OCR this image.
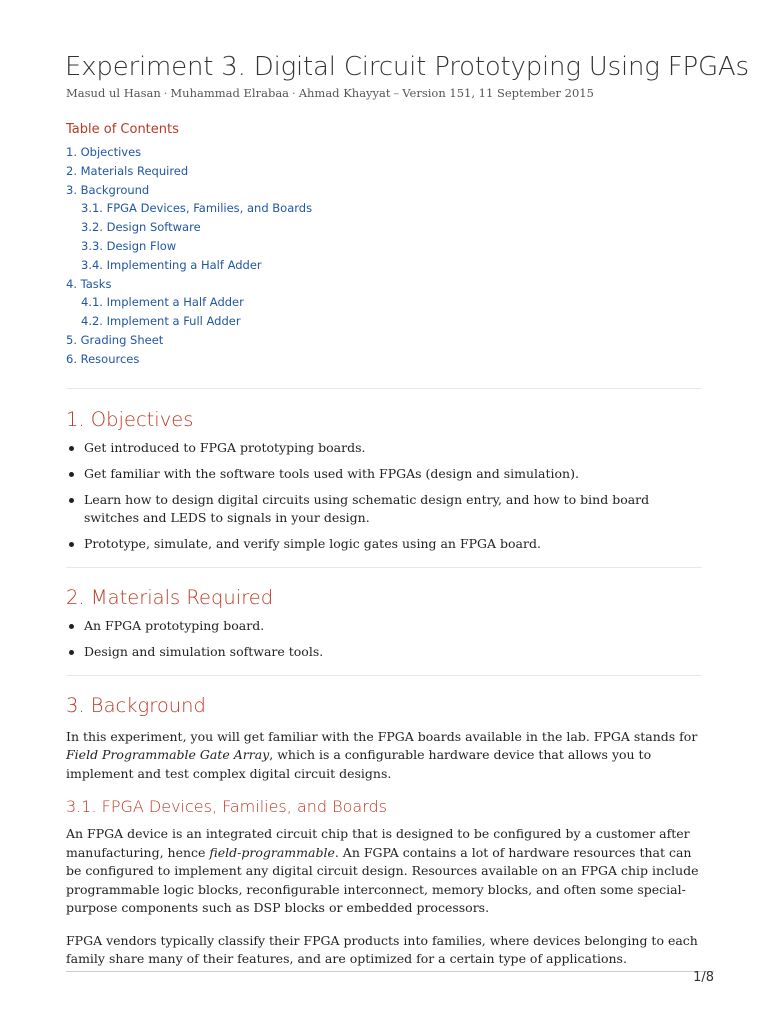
Experiment 3. Digital Circuit Prototyping Using FPGAs
Masud ul Hasan · Muhammad Elrabaa · Ahmad Khayyat – Version 151, 11 September 2015
Table of Contents
1. Objectives
2. Materials Required
3. Background
3.1. FPGA Devices, Families, and Boards
3.2. Design Software
3.3. Design Flow
3.4. Implementing a Half Adder
4. Tasks
4.1. Implement a Half Adder
4.2. Implement a Full Adder
5. Grading Sheet
6. Resources
1. Objectives
Get introduced to FPGA prototyping boards.
Get familiar with the software tools used with FPGAs (design and simulation).
Learn how to design digital circuits using schematic design entry, and how to bind board switches and LEDS to signals in your design.
Prototype, simulate, and verify simple logic gates using an FPGA board.
2. Materials Required
An FPGA prototyping board.
Design and simulation software tools.
3. Background

In this experiment, you will get familiar with the FPGA boards available in the lab. FPGA stands for Field Programmable Gate Array, which is a configurable hardware device that allows you to implement and test complex digital circuit designs.

3.1. FPGA Devices, Families, and Boards

An FPGA device is an integrated circuit chip that is designed to be configured by a customer after manufacturing, hence field-programmable. An FGPA contains a lot of hardware resources that can be configured to implement any digital circuit design. Resources available on an FPGA chip include programmable logic blocks, reconfigurable interconnect, memory blocks, and often some special-purpose components such as DSP blocks or embedded processors.

FPGA vendors typically classify their FPGA products into families, where devices belonging to each family share many of their features, and are optimized for a certain type of applications.

1/8
